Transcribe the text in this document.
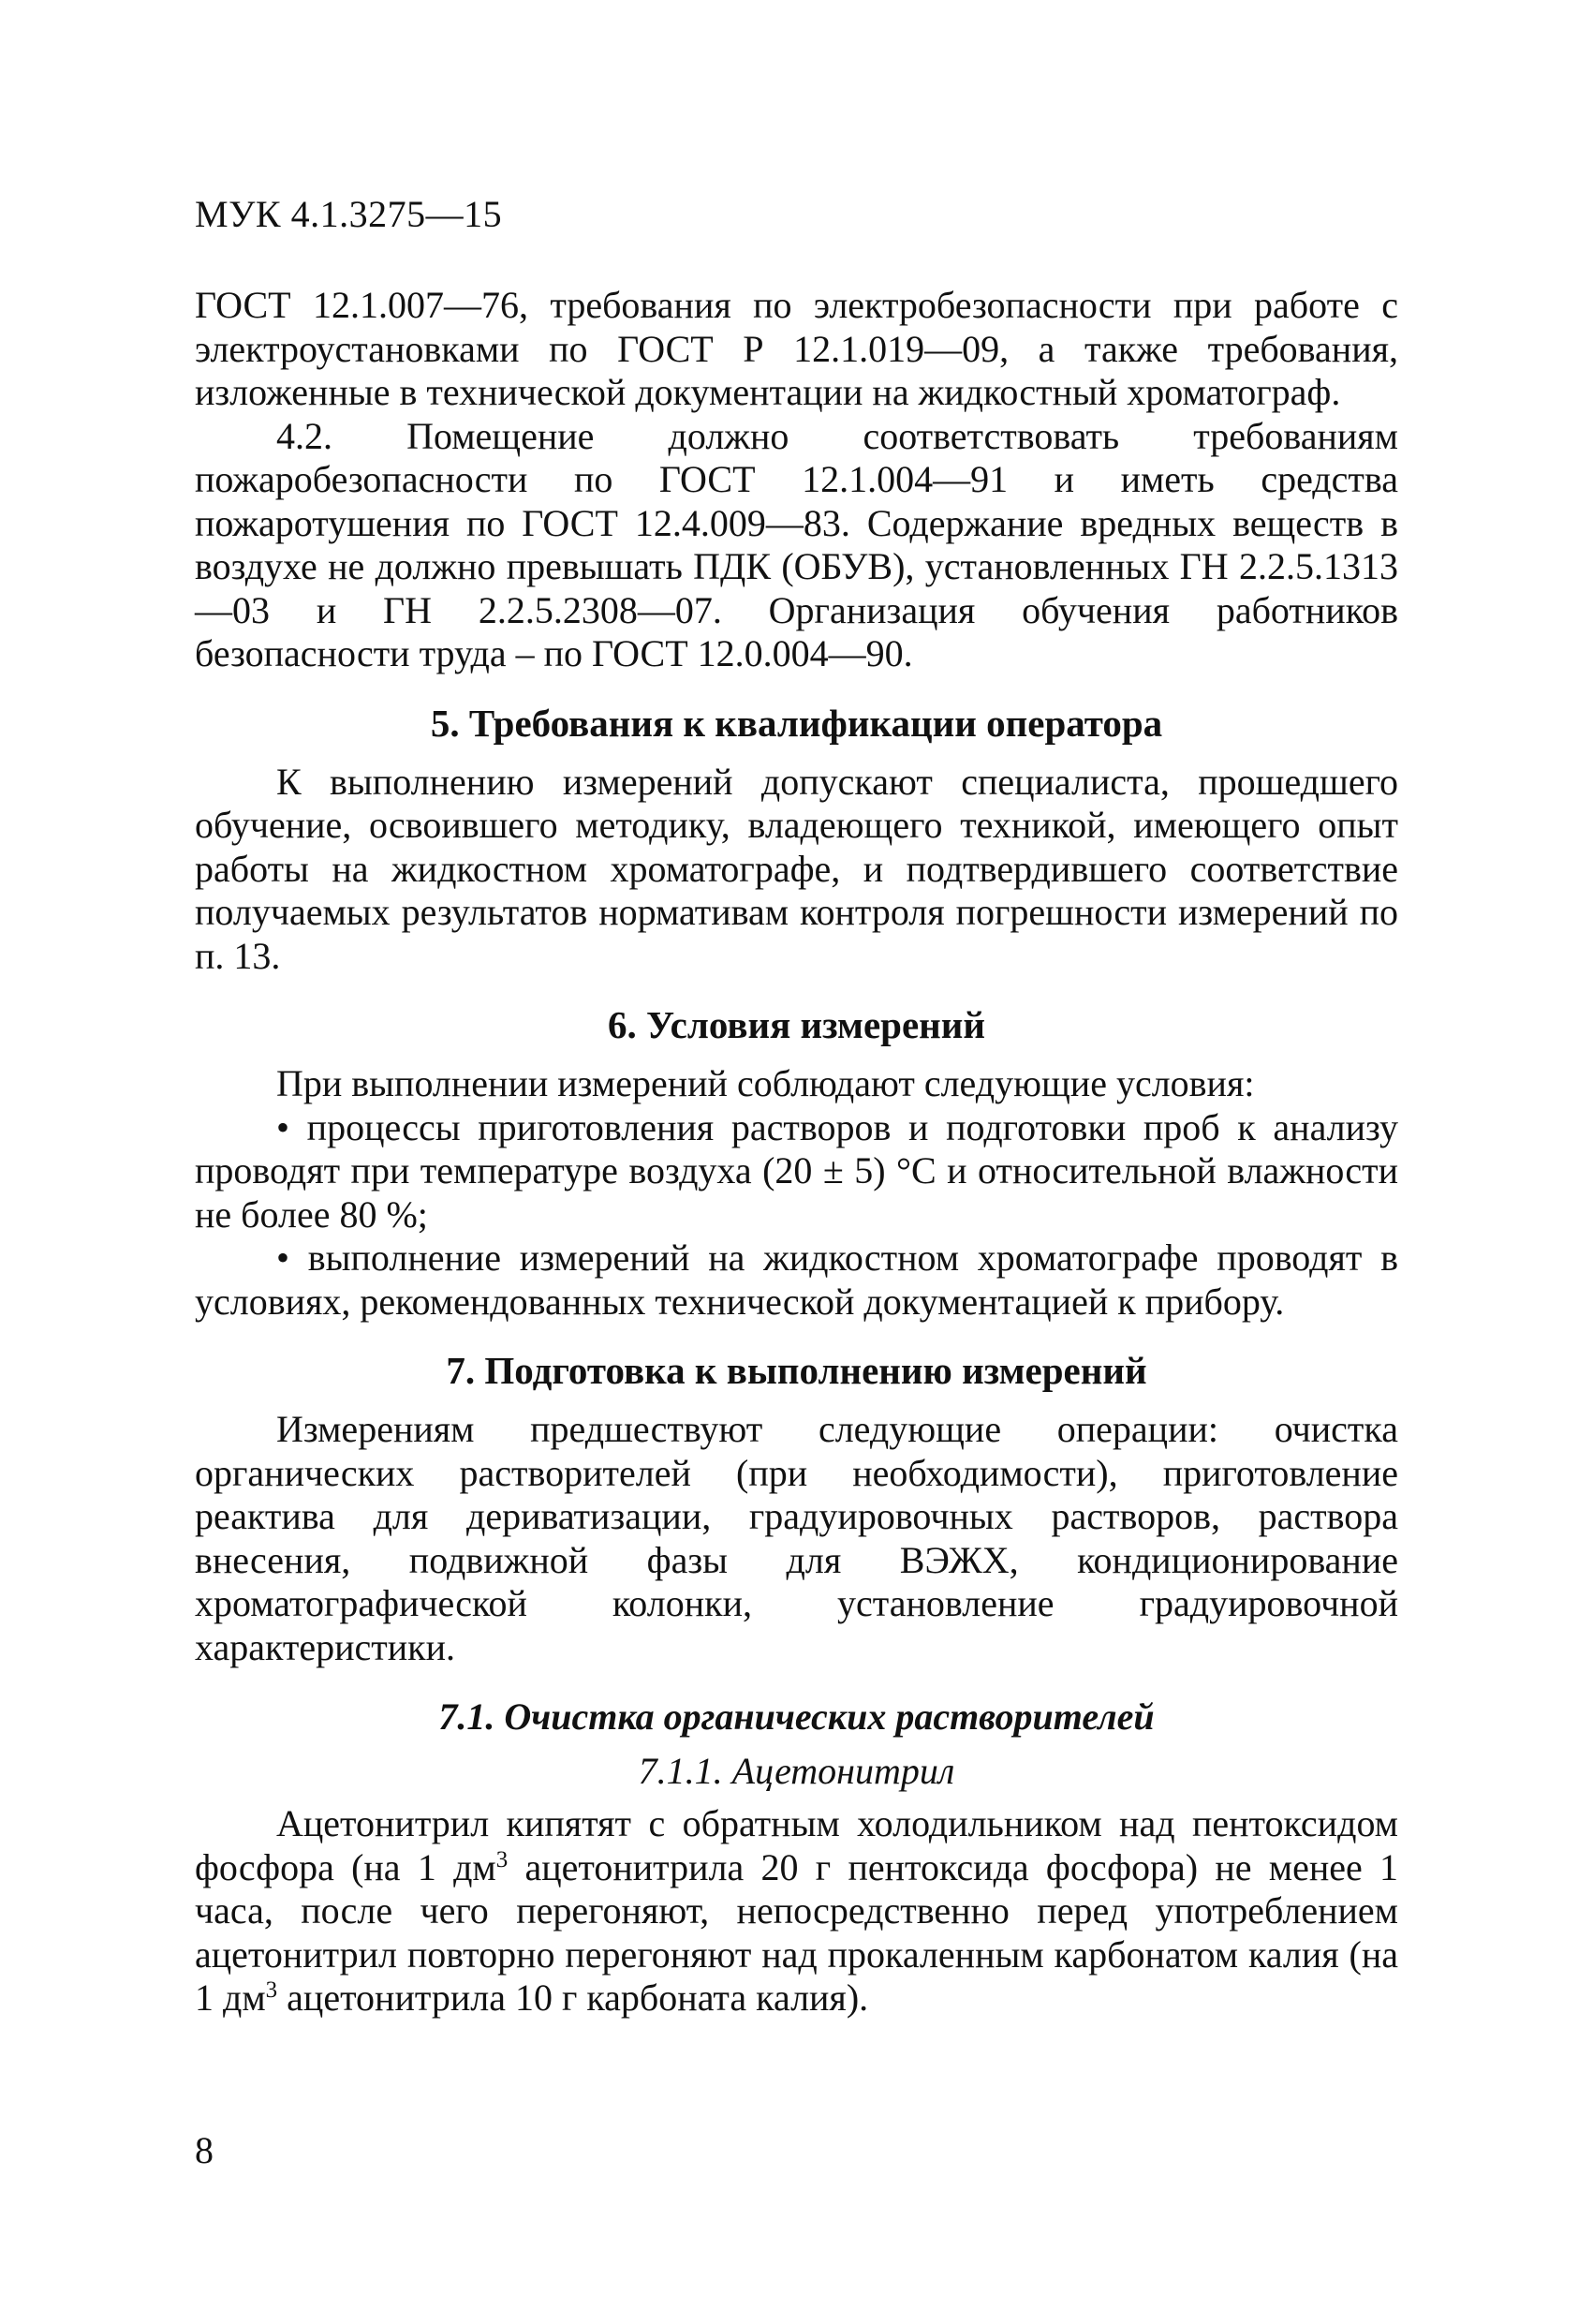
МУК 4.1.3275—15

ГОСТ 12.1.007—76, требования по электробезопасности при работе с электроустановками по ГОСТ Р 12.1.019—09, а также требования, изложенные в технической документации на жидкостный хроматограф.

4.2. Помещение должно соответствовать требованиям пожаробезопасности по ГОСТ 12.1.004—91 и иметь средства пожаротушения по ГОСТ 12.4.009—83. Содержание вредных веществ в воздухе не должно превышать ПДК (ОБУВ), установленных ГН 2.2.5.1313—03 и ГН 2.2.5.2308—07. Организация обучения работников безопасности труда – по ГОСТ 12.0.004—90.

5. Требования к квалификации оператора

К выполнению измерений допускают специалиста, прошедшего обучение, освоившего методику, владеющего техникой, имеющего опыт работы на жидкостном хроматографе, и подтвердившего соответствие получаемых результатов нормативам контроля погрешности измерений по п. 13.

6. Условия измерений

При выполнении измерений соблюдают следующие условия:

• процессы приготовления растворов и подготовки проб к анализу проводят при температуре воздуха (20 ± 5) °С и относительной влажности не более 80 %;

• выполнение измерений на жидкостном хроматографе проводят в условиях, рекомендованных технической документацией к прибору.

7. Подготовка к выполнению измерений

Измерениям предшествуют следующие операции: очистка органических растворителей (при необходимости), приготовление реактива для дериватизации, градуировочных растворов, раствора внесения, подвижной фазы для ВЭЖХ, кондиционирование хроматографической колонки, установление градуировочной характеристики.

7.1. Очистка органических растворителей
7.1.1. Ацетонитрил

Ацетонитрил кипятят с обратным холодильником над пентоксидом фосфора (на 1 $дм^3$ ацетонитрила 20 г пентоксида фосфора) не менее 1 часа, после чего перегоняют, непосредственно перед употреблением ацетонитрил повторно перегоняют над прокаленным карбонатом калия (на 1 $дм^3$ ацетонитрила 10 г карбоната калия).

8
